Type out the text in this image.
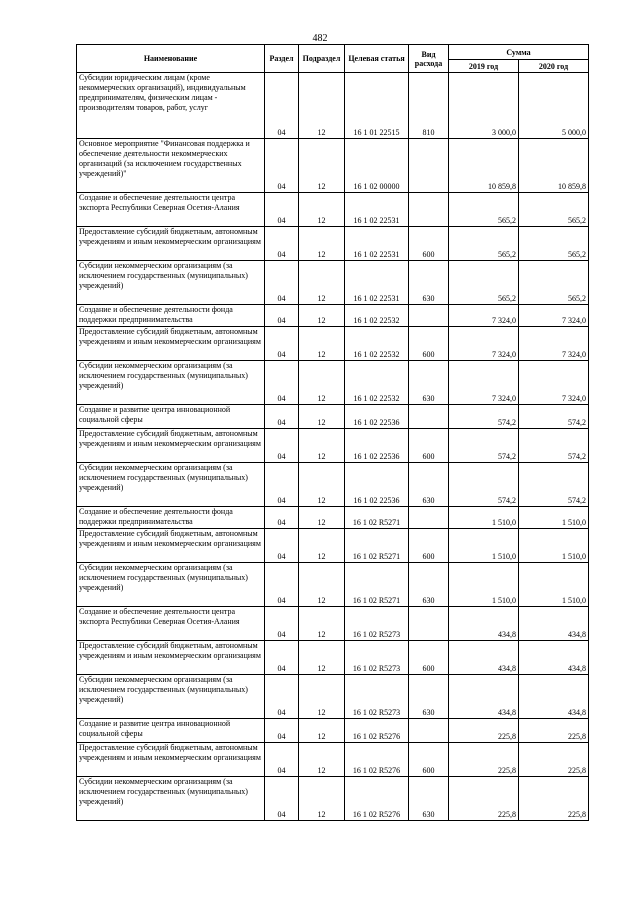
482
Наименование	Раздел	Подраздел	Целевая статья	Вид расхода	Сумма	
					2019 год	2020 год
Субсидии юридическим лицам (кроме некоммерческих организаций), индивидуальным предпринимателям, физическим лицам - производителям товаров, работ, услуг	04	12	16 1 01 22515	810	3 000,0	5 000,0
Основное мероприятие "Финансовая поддержка и обеспечение деятельности некоммерческих организаций (за исключением государственных учреждений)"	04	12	16 1 02 00000		10 859,8	10 859,8
Создание и обеспечение деятельности центра экспорта Республики Северная Осетия-Алания	04	12	16 1 02 22531		565,2	565,2
Предоставление субсидий бюджетным, автономным учреждениям и иным некоммерческим организациям	04	12	16 1 02 22531	600	565,2	565,2
Субсидии некоммерческим организациям (за исключением государственных (муниципальных) учреждений)	04	12	16 1 02 22531	630	565,2	565,2
Создание и обеспечение деятельности фонда поддержки предпринимательства	04	12	16 1 02 22532		7 324,0	7 324,0
Предоставление субсидий бюджетным, автономным учреждениям и иным некоммерческим организациям	04	12	16 1 02 22532	600	7 324,0	7 324,0
Субсидии некоммерческим организациям (за исключением государственных (муниципальных) учреждений)	04	12	16 1 02 22532	630	7 324,0	7 324,0
Создание и развитие центра инновационной социальной сферы	04	12	16 1 02 22536		574,2	574,2
Предоставление субсидий бюджетным, автономным учреждениям и иным некоммерческим организациям	04	12	16 1 02 22536	600	574,2	574,2
Субсидии некоммерческим организациям (за исключением государственных (муниципальных) учреждений)	04	12	16 1 02 22536	630	574,2	574,2
Создание и обеспечение деятельности фонда поддержки предпринимательства	04	12	16 1 02 R5271		1 510,0	1 510,0
Предоставление субсидий бюджетным, автономным учреждениям и иным некоммерческим организациям	04	12	16 1 02 R5271	600	1 510,0	1 510,0
Субсидии некоммерческим организациям (за исключением государственных (муниципальных) учреждений)	04	12	16 1 02 R5271	630	1 510,0	1 510,0
Создание и обеспечение деятельности центра экспорта Республики Северная Осетия-Алания	04	12	16 1 02 R5273		434,8	434,8
Предоставление субсидий бюджетным, автономным учреждениям и иным некоммерческим организациям	04	12	16 1 02 R5273	600	434,8	434,8
Субсидии некоммерческим организациям (за исключением государственных (муниципальных) учреждений)	04	12	16 1 02 R5273	630	434,8	434,8
Создание и развитие центра инновационной социальной сферы	04	12	16 1 02 R5276		225,8	225,8
Предоставление субсидий бюджетным, автономным учреждениям и иным некоммерческим организациям	04	12	16 1 02 R5276	600	225,8	225,8
Субсидии некоммерческим организациям (за исключением государственных (муниципальных) учреждений)	04	12	16 1 02 R5276	630	225,8	225,8
